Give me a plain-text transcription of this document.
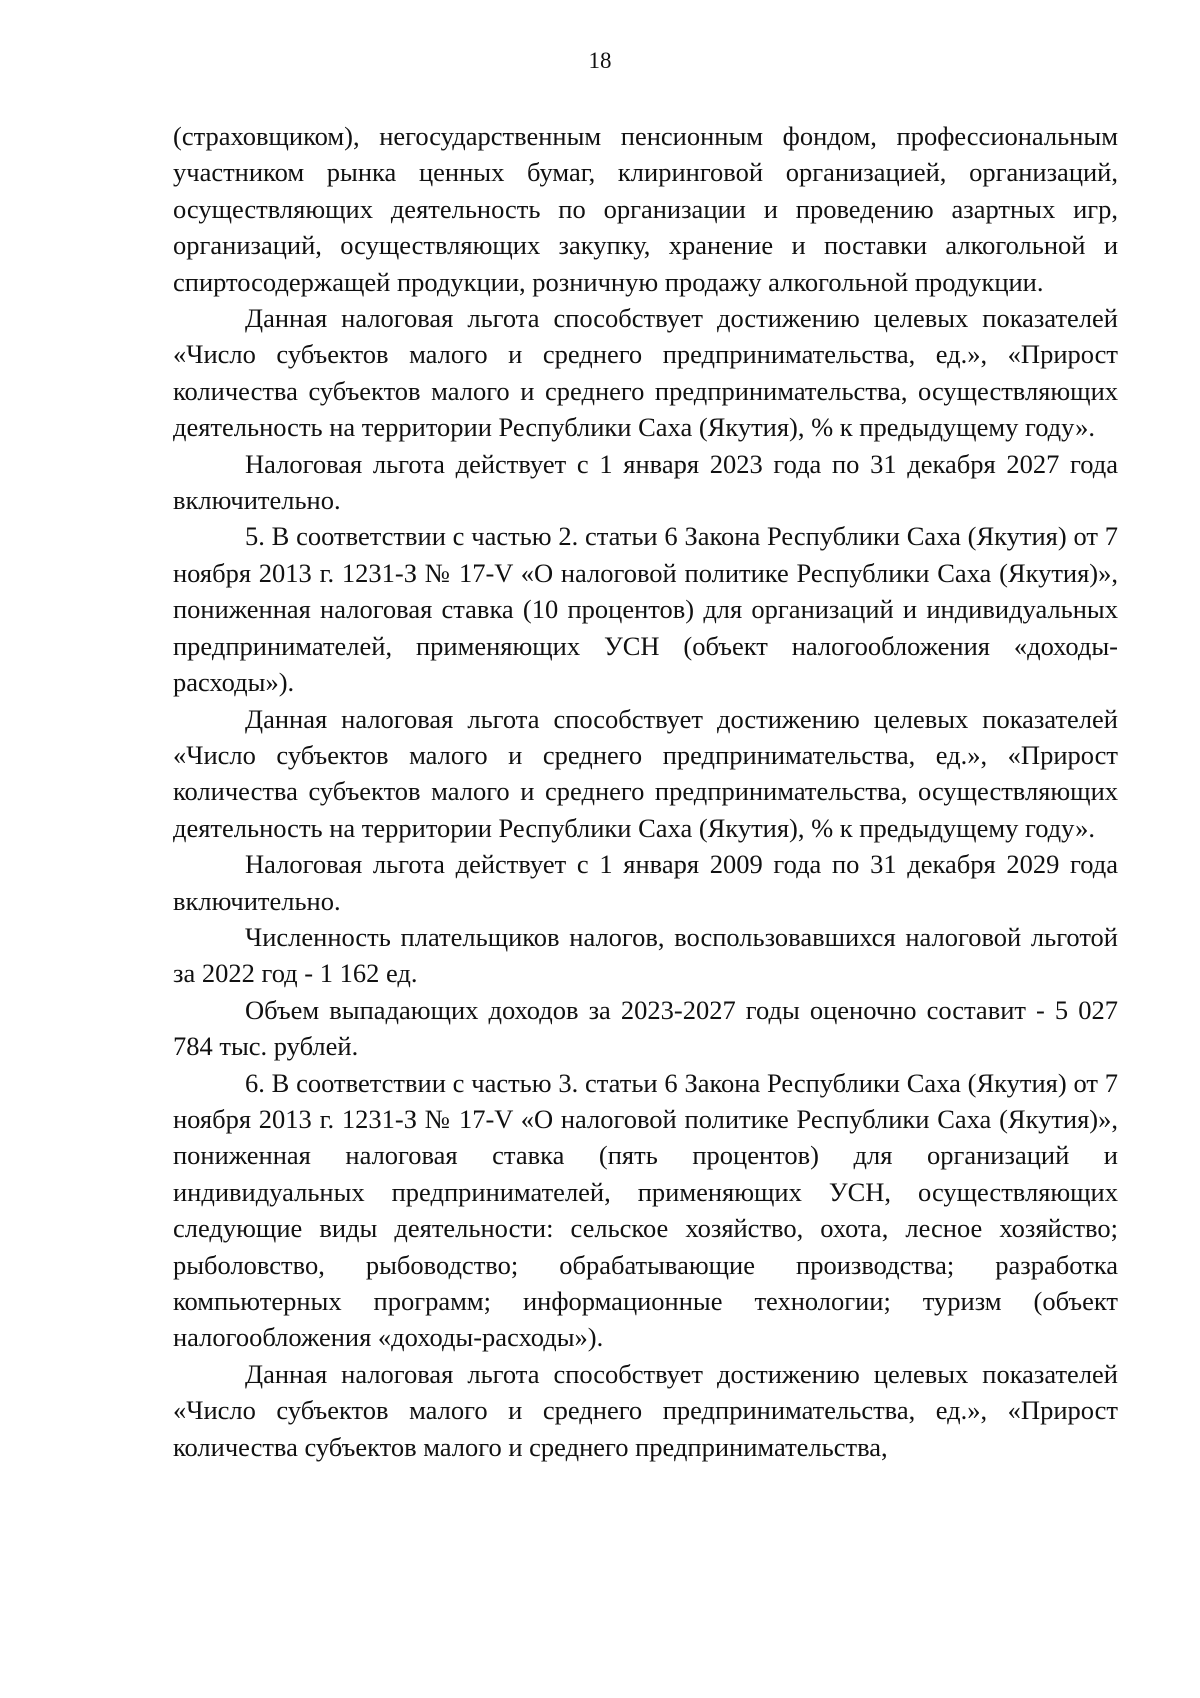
18

(страховщиком), негосударственным пенсионным фондом, профессиональным участником рынка ценных бумаг, клиринговой организацией, организаций, осуществляющих деятельность по организации и проведению азартных игр, организаций, осуществляющих закупку, хранение и поставки алкогольной и спиртосодержащей продукции, розничную продажу алкогольной продукции.

Данная налоговая льгота способствует достижению целевых показателей «Число субъектов малого и среднего предпринимательства, ед.», «Прирост количества субъектов малого и среднего предпринимательства, осуществляющих деятельность на территории Республики Саха (Якутия), % к предыдущему году».

Налоговая льгота действует с 1 января 2023 года по 31 декабря 2027 года включительно.

5. В соответствии с частью 2. статьи 6 Закона Республики Саха (Якутия) от 7 ноября 2013 г. 1231-З № 17-V «О налоговой политике Республики Саха (Якутия)», пониженная налоговая ставка (10 процентов) для организаций и индивидуальных предпринимателей, применяющих УСН (объект налогообложения «доходы-расходы»).

Данная налоговая льгота способствует достижению целевых показателей «Число субъектов малого и среднего предпринимательства, ед.», «Прирост количества субъектов малого и среднего предпринимательства, осуществляющих деятельность на территории Республики Саха (Якутия), % к предыдущему году».

Налоговая льгота действует с 1 января 2009 года по 31 декабря 2029 года включительно.

Численность плательщиков налогов, воспользовавшихся налоговой льготой за 2022 год - 1 162 ед.

Объем выпадающих доходов за 2023-2027 годы оценочно составит - 5 027 784 тыс. рублей.

6. В соответствии с частью 3. статьи 6 Закона Республики Саха (Якутия) от 7 ноября 2013 г. 1231-З № 17-V «О налоговой политике Республики Саха (Якутия)», пониженная налоговая ставка (пять процентов) для организаций и индивидуальных предпринимателей, применяющих УСН, осуществляющих следующие виды деятельности: сельское хозяйство, охота, лесное хозяйство; рыболовство, рыбоводство; обрабатывающие производства; разработка компьютерных программ; информационные технологии; туризм (объект налогообложения «доходы-расходы»).

Данная налоговая льгота способствует достижению целевых показателей «Число субъектов малого и среднего предпринимательства, ед.», «Прирост количества субъектов малого и среднего предпринимательства,
